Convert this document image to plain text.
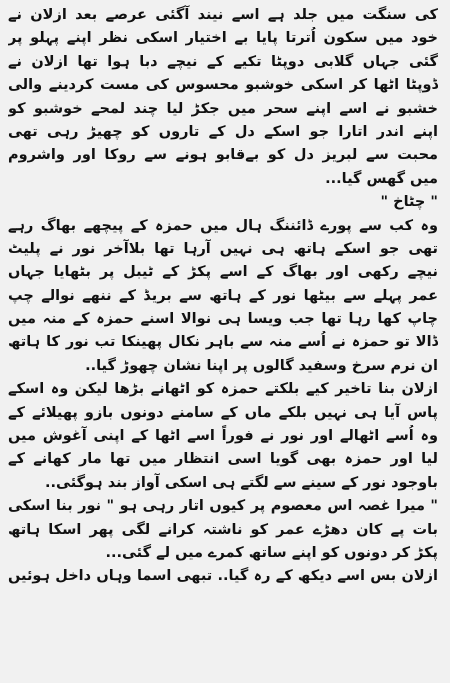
کی سنگت میں جلد ہے اسے نیند آگئی عرصے بعد ازلان نے
خود میں سکون اُترتا پایا بے اختیار اسکی نظر اپنے پہلو پر
گئی جہاں گلابی دوپٹا تکیے کے نیچے دبا ہوا تھا ازلان نے
ڈوپٹا اٹھا کر اسکی خوشبو محسوس کی مست کردینے والی
خشبو نے اسے اپنے سحر میں جکڑ لیا چند لمحے خوشبو کو
اپنے اندر اتارا جو اسکے دل کے تاروں کو چھیڑ رہی تھی
محبت سے لبریز دل کو بےقابو ہونے سے روکا اور واشروم
میں گھس گیا...
" چٹاخ "
وہ کب سے پورے ڈائننگ ہال میں حمزہ کے پیچھے بھاگ رہے
تھی جو اسکے ہاتھ ہی نہیں آرہا تھا بلاآخر نور نے پلیٹ
نیچے رکھی اور بھاگ کے اسے پکڑ کے ٹیبل پر بٹھایا جہاں
عمر پہلے سے بیٹھا نور کے ہاتھ سے بریڈ کے ننھے نوالے چپ
چاپ کھا رہا تھا جب ویسا ہی نوالا اسنے حمزہ کے منہ میں
ڈالا تو حمزہ نے اُسے منہ سے باہر نکال پھینکا تب نور کا ہاتھ
ان نرم سرخ وسفید گالوں پر اپنا نشان چھوڑ گیا..
ازلان بنا تاخیر کیے بلکتے حمزہ کو اٹھانے بڑھا لیکن وہ اسکے
پاس آیا ہی نہیں بلکے ماں کے سامنے دونوں بازو پھیلائے کے
وہ اُسے اٹھالے اور نور نے فوراً اسے اٹھا کے اپنی آغوش میں
لیا اور حمزہ بھی گویا اسی انتظار میں تھا مار کھانے کے
باوجود نور کے سینے سے لگتے ہی اسکی آواز بند ہوگئی..
" میرا غصہ اس معصوم پر کیوں اتار رہی ہو " نور بنا اسکی
بات پے کان دھڑے عمر کو ناشتہ کرانے لگی پھر اسکا ہاتھ
پکڑ کر دونوں کو اپنے ساتھ کمرے میں لے گئی...
ازلان بس اسے دیکھ کے رہ گیا.. تبھی اسما وہاں داخل ہوئیں
